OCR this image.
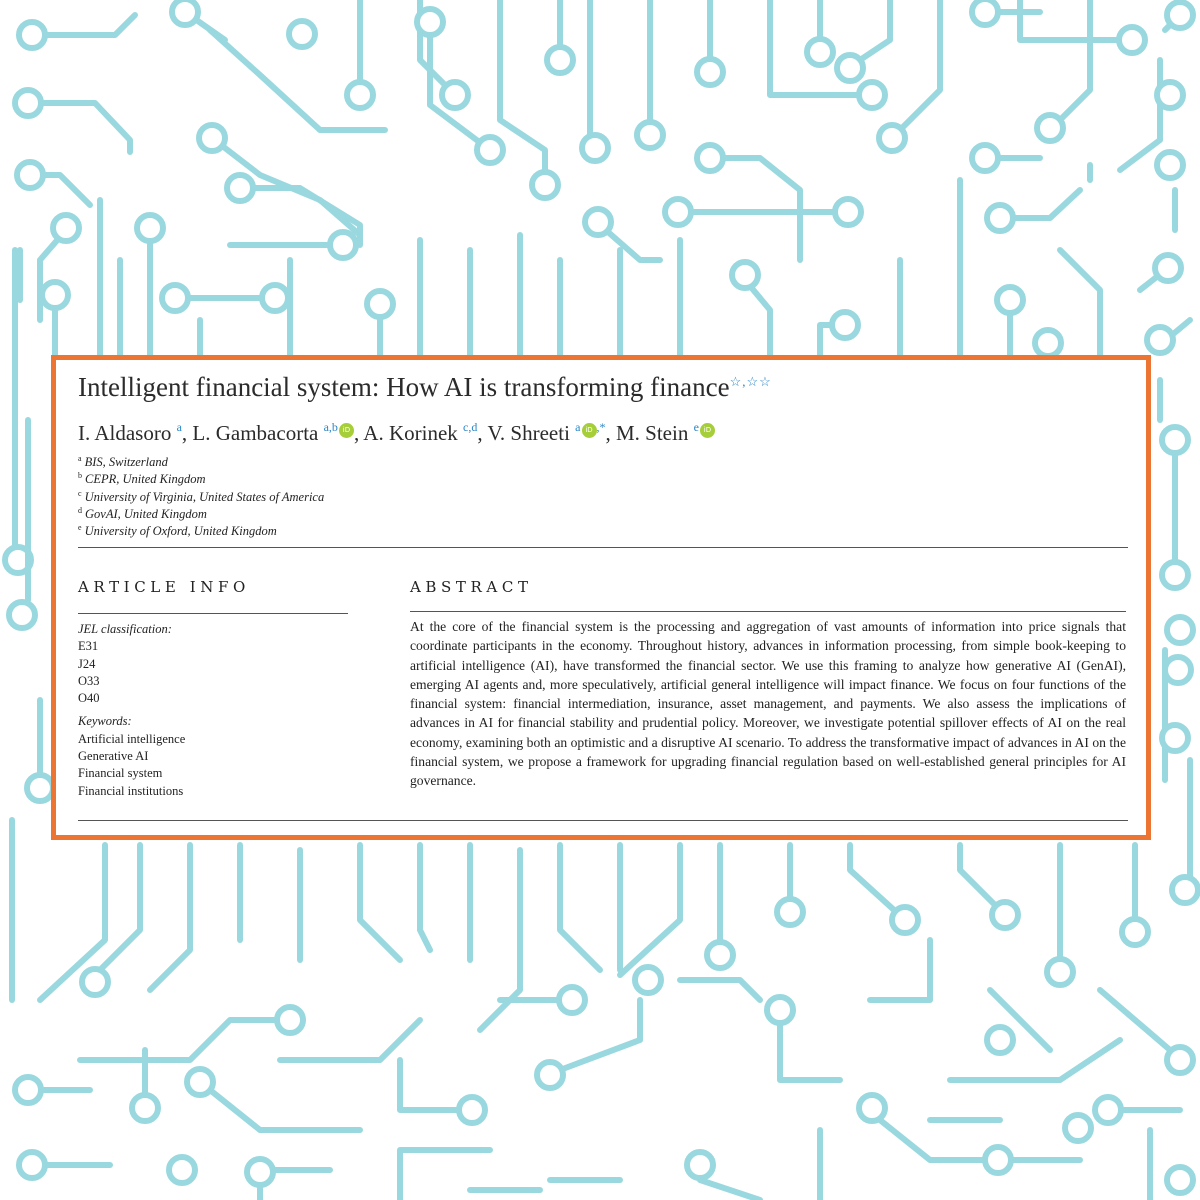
Intelligent financial system: How AI is transforming finance☆,☆☆
I. Aldasoro $^a$, L. Gambacorta $^{a,b}$ iD , A. Korinek $^{c,d}$, V. Shreeti $^a$ iD ,*, M. Stein $^e$ iD
$^a$ BIS, Switzerland
$^b$ CEPR, United Kingdom
$^c$ University of Virginia, United States of America
$^d$ GovAI, United Kingdom
$^e$ University of Oxford, United Kingdom
ARTICLE INFO	ABSTRACT
JEL classification:
E31
J24
O33
O40
Keywords:
Artificial intelligence
Generative AI
Financial system
Financial institutions

At the core of the financial system is the processing and aggregation of vast amounts of information into price signals that coordinate participants in the economy. Throughout history, advances in information processing, from simple book-keeping to artificial intelligence (AI), have transformed the financial sector. We use this framing to analyze how generative AI (GenAI), emerging AI agents and, more speculatively, artificial general intelligence will impact finance. We focus on four functions of the financial system: financial intermediation, insurance, asset management, and payments. We also assess the implications of advances in AI for financial stability and prudential policy. Moreover, we investigate potential spillover effects of AI on the real economy, examining both an optimistic and a disruptive AI scenario. To address the transformative impact of advances in AI on the financial system, we propose a framework for upgrading financial regulation based on well-established general principles for AI governance.
